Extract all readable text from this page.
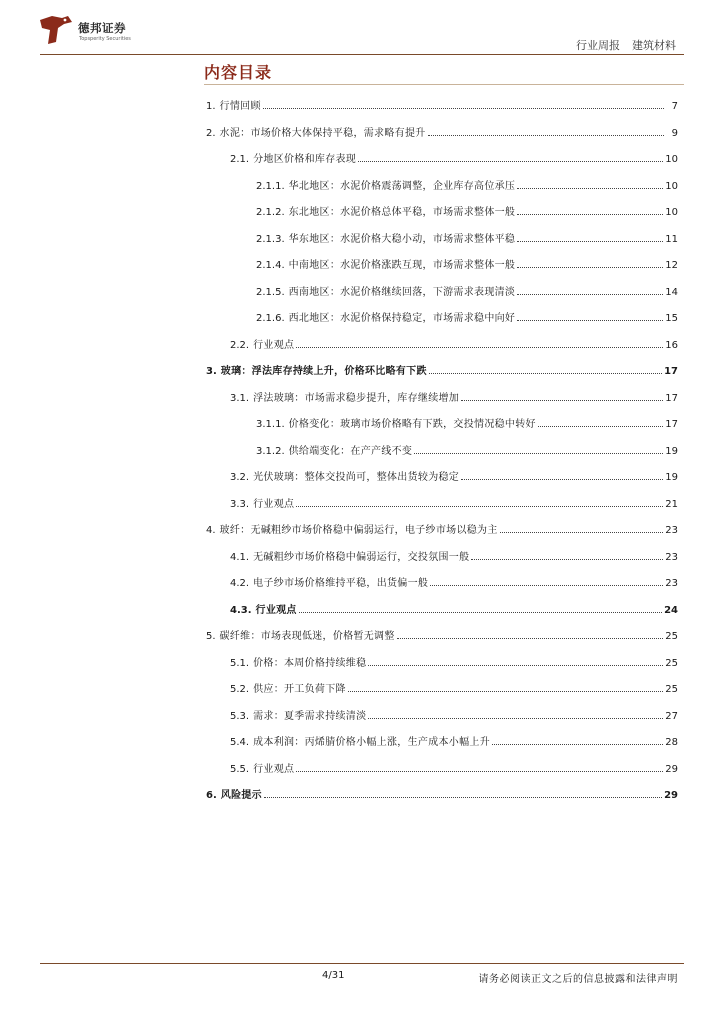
德邦证券
Topsperity Securities	行业周报 建筑材料
内容目录
1. 行情回顾	7
2. 水泥：市场价格大体保持平稳，需求略有提升	9
2.1. 分地区价格和库存表现	10
2.1.1. 华北地区：水泥价格震荡调整，企业库存高位承压	10
2.1.2. 东北地区：水泥价格总体平稳，市场需求整体一般	10
2.1.3. 华东地区：水泥价格大稳小动，市场需求整体平稳	11
2.1.4. 中南地区：水泥价格涨跌互现，市场需求整体一般	12
2.1.5. 西南地区：水泥价格继续回落，下游需求表现清淡	14
2.1.6. 西北地区：水泥价格保持稳定，市场需求稳中向好	15
2.2. 行业观点	16
3. 玻璃：浮法库存持续上升，价格环比略有下跌	17
3.1. 浮法玻璃：市场需求稳步提升，库存继续增加	17
3.1.1. 价格变化：玻璃市场价格略有下跌，交投情况稳中转好	17
3.1.2. 供给端变化：在产产线不变	19
3.2. 光伏玻璃：整体交投尚可，整体出货较为稳定	19
3.3. 行业观点	21
4. 玻纤：无碱粗纱市场价格稳中偏弱运行，电子纱市场以稳为主	23
4.1. 无碱粗纱市场价格稳中偏弱运行，交投氛围一般	23
4.2. 电子纱市场价格维持平稳，出货偏一般	23
4.3. 行业观点	24
5. 碳纤维：市场表现低迷，价格暂无调整	25
5.1. 价格：本周价格持续维稳	25
5.2. 供应：开工负荷下降	25
5.3. 需求：夏季需求持续清淡	27
5.4. 成本利润：丙烯腈价格小幅上涨，生产成本小幅上升	28
5.5. 行业观点	29
6. 风险提示	29
4/31	请务必阅读正文之后的信息披露和法律声明
